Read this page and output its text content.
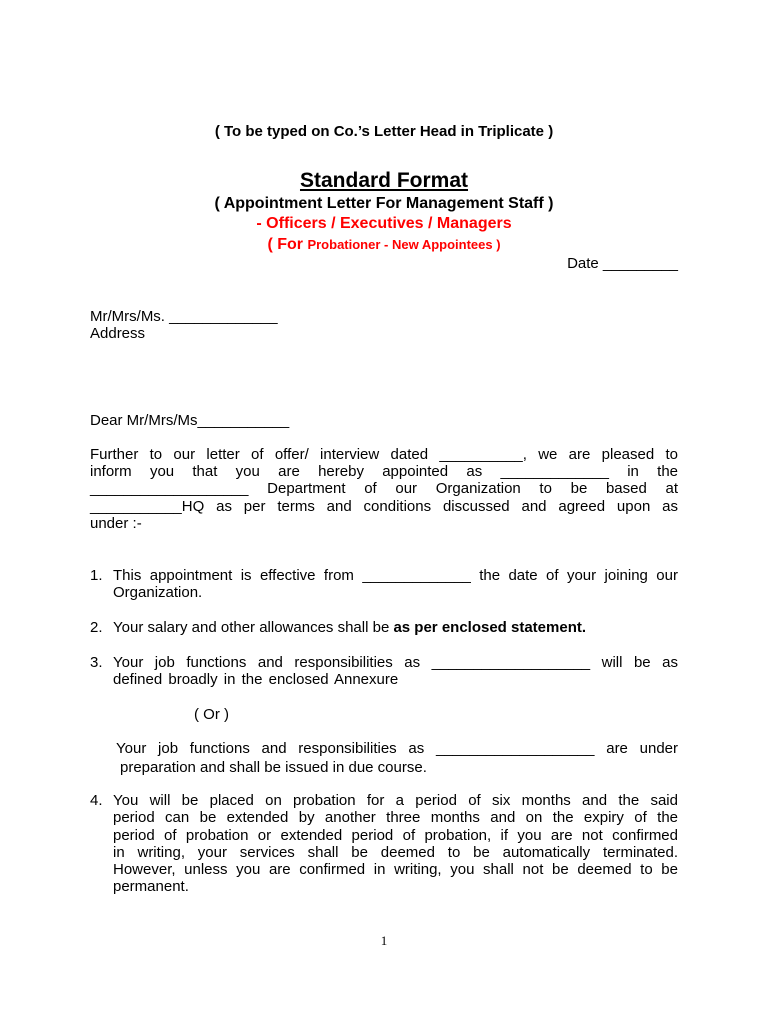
( To be typed on Co.’s Letter Head in Triplicate )
Standard Format
( Appointment Letter For Management Staff )
- Officers / Executives / Managers
( For Probationer - New Appointees )
Date _________
Mr/Mrs/Ms. _____________
Address
Dear Mr/Mrs/Ms___________
Further to our letter of offer/ interview dated __________, we are pleased to
inform you that you are hereby appointed as _____________ in the
___________________ Department of our Organization to be based at
___________HQ as per terms and conditions discussed and agreed upon as
under :-
1. This appointment is effective from _____________ the date of your joining our
Organization.
2. Your salary and other allowances shall be as per enclosed statement.
3. Your job functions and responsibilities as ___________________ will be as
defined broadly in the enclosed Annexure
( Or )
Your job functions and responsibilities as ___________________ are under
preparation and shall be issued in due course.
4. You will be placed on probation for a period of six months and the said
period can be extended by another three months and on the expiry of the
period of probation or extended period of probation, if you are not confirmed
in writing, your services shall be deemed to be automatically terminated.
However, unless you are confirmed in writing, you shall not be deemed to be
permanent.
1
